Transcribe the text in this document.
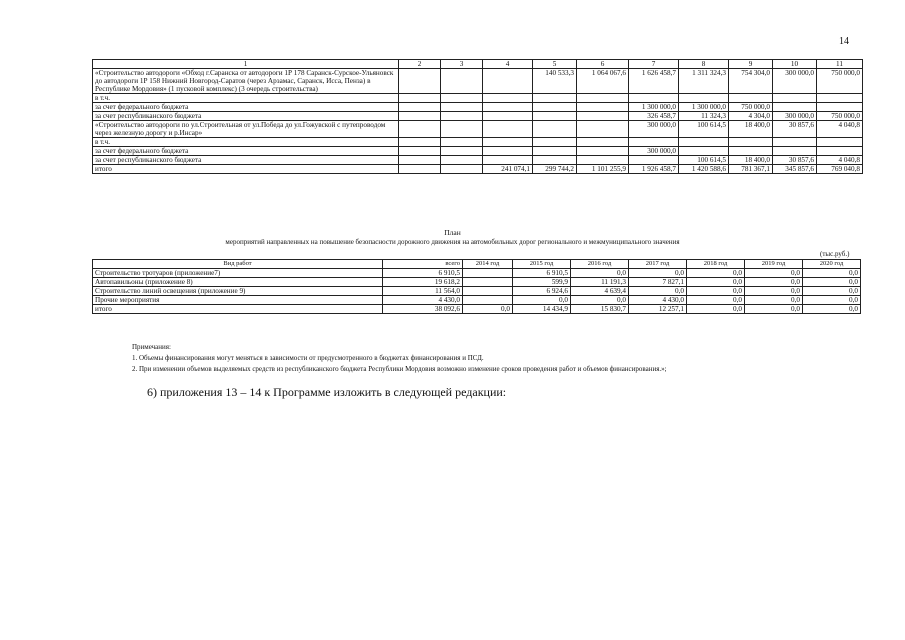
14
1	2	3	4	5	6	7	8	9	10	11
«Строительство автодороги «Обход г.Саранска от автодороги 1Р 178 Саранск-Сурское-Ульяновск до автодороги 1Р 158 Нижний Новгород-Саратов (через Арзамас, Саранск, Исса, Пенза) в Республике Мордовия» (1 пусковой комплекс) (3 очередь строительства)				140 533,3	1 064 067,6	1 626 458,7	1 311 324,3	754 304,0	300 000,0	750 000,0
в т.ч.										
за счет федерального бюджета						1 300 000,0	1 300 000,0	750 000,0		
за счет республиканского бюджета						326 458,7	11 324,3	4 304,0	300 000,0	750 000,0
«Строительство автодороги по ул.Строительная от ул.Победа до ул.Гожувской с путепроводом через железную дорогу и р.Инсар»						300 000,0	100 614,5	18 400,0	30 857,6	4 040,8
в т.ч.										
за счет федерального бюджета						300 000,0				
за счет республиканского бюджета							100 614,5	18 400,0	30 857,6	4 040,8
итого			241 074,1	299 744,2	1 101 255,9	1 926 458,7	1 420 588,6	781 367,1	345 857,6	769 040,8
План
мероприятий направленных на повышение безопасности дорожного движения на автомобильных дорог регионального и межмуниципального значения
(тыс.руб.)
Вид работ	всего	2014 год	2015 год	2016 год	2017 год	2018 год	2019 год	2020 год
Строительство тротуаров (приложение7)	6 910,5		6 910,5	0,0	0,0	0,0	0,0	0,0
Автопавильоны (приложение 8)	19 618,2		599,9	11 191,3	7 827,1	0,0	0,0	0,0
Строительство линий освещения (приложение 9)	11 564,0		6 924,6	4 639,4	0,0	0,0	0,0	0,0
Прочие мероприятия	4 430,0		0,0	0,0	4 430,0	0,0	0,0	0,0
итого	38 092,6	0,0	14 434,9	15 830,7	12 257,1	0,0	0,0	0,0
Примечания:
1. Объемы финансирования могут меняться в зависимости от предусмотренного в бюджетах финансирования и ПСД.
2. При изменении объемов выделяемых средств из республиканского бюджета Республики Мордовия возможно изменение сроков проведения работ и объемов финансирования.»;
6) приложения 13 – 14 к Программе изложить в следующей редакции:
